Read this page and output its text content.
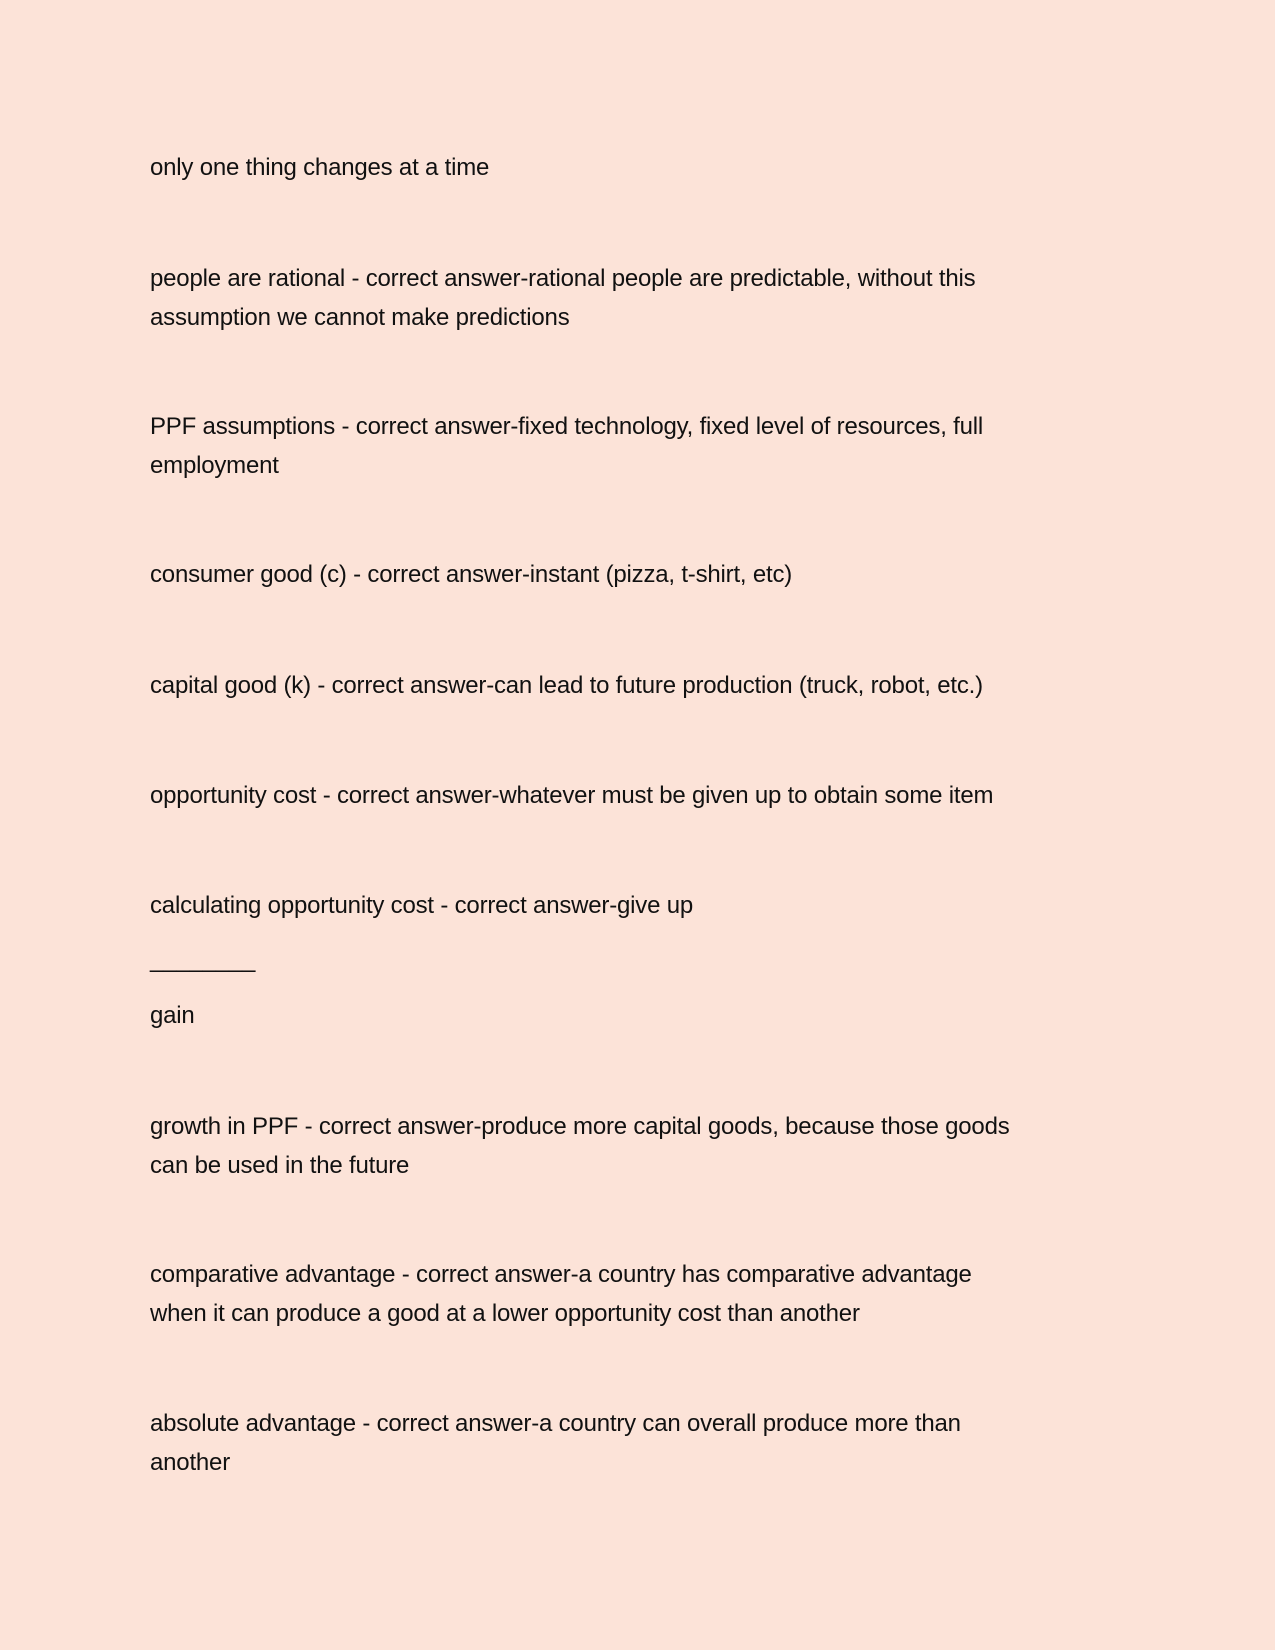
only one thing changes at a time
people are rational - correct answer-rational people are predictable, without this
assumption we cannot make predictions
PPF assumptions - correct answer-fixed technology, fixed level of resources, full
employment
consumer good (c) - correct answer-instant (pizza, t-shirt, etc)
capital good (k) - correct answer-can lead to future production (truck, robot, etc.)
opportunity cost - correct answer-whatever must be given up to obtain some item
calculating opportunity cost - correct answer-give up
________
gain
growth in PPF - correct answer-produce more capital goods, because those goods
can be used in the future
comparative advantage - correct answer-a country has comparative advantage
when it can produce a good at a lower opportunity cost than another
absolute advantage - correct answer-a country can overall produce more than
another
